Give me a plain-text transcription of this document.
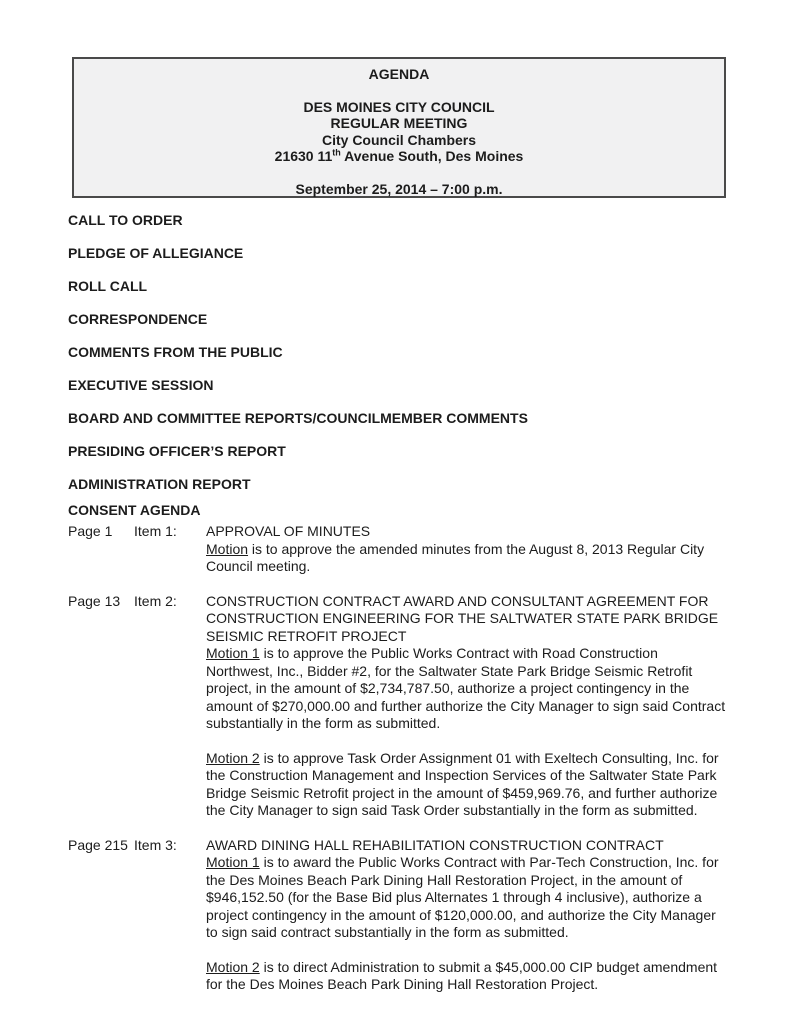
AGENDA
DES MOINES CITY COUNCIL
REGULAR MEETING
City Council Chambers
21630 11th Avenue South, Des Moines
September 25, 2014 – 7:00 p.m.
CALL TO ORDER
PLEDGE OF ALLEGIANCE
ROLL CALL
CORRESPONDENCE
COMMENTS FROM THE PUBLIC
EXECUTIVE SESSION
BOARD AND COMMITTEE REPORTS/COUNCILMEMBER COMMENTS
PRESIDING OFFICER’S REPORT
ADMINISTRATION REPORT
CONSENT AGENDA
Page 1	Item 1:	APPROVAL OF MINUTES

Motion is to approve the amended minutes from the August 8, 2013 Regular City Council meeting.

Page 13 Item 2:	CONSTRUCTION CONTRACT AWARD AND CONSULTANT AGREEMENT FOR CONSTRUCTION ENGINEERING FOR THE SALTWATER STATE PARK BRIDGE SEISMIC RETROFIT PROJECT

Motion 1 is to approve the Public Works Contract with Road Construction Northwest, Inc., Bidder #2, for the Saltwater State Park Bridge Seismic Retrofit project, in the amount of $2,734,787.50, authorize a project contingency in the amount of $270,000.00 and further authorize the City Manager to sign said Contract substantially in the form as submitted.

Motion 2 is to approve Task Order Assignment 01 with Exeltech Consulting, Inc. for the Construction Management and Inspection Services of the Saltwater State Park Bridge Seismic Retrofit project in the amount of $459,969.76, and further authorize the City Manager to sign said Task Order substantially in the form as submitted.

Page 215 Item 3:	AWARD DINING HALL REHABILITATION CONSTRUCTION CONTRACT

Motion 1 is to award the Public Works Contract with Par-Tech Construction, Inc. for the Des Moines Beach Park Dining Hall Restoration Project, in the amount of $946,152.50 (for the Base Bid plus Alternates 1 through 4 inclusive), authorize a project contingency in the amount of $120,000.00, and authorize the City Manager to sign said contract substantially in the form as submitted.

Motion 2 is to direct Administration to submit a $45,000.00 CIP budget amendment for the Des Moines Beach Park Dining Hall Restoration Project.
